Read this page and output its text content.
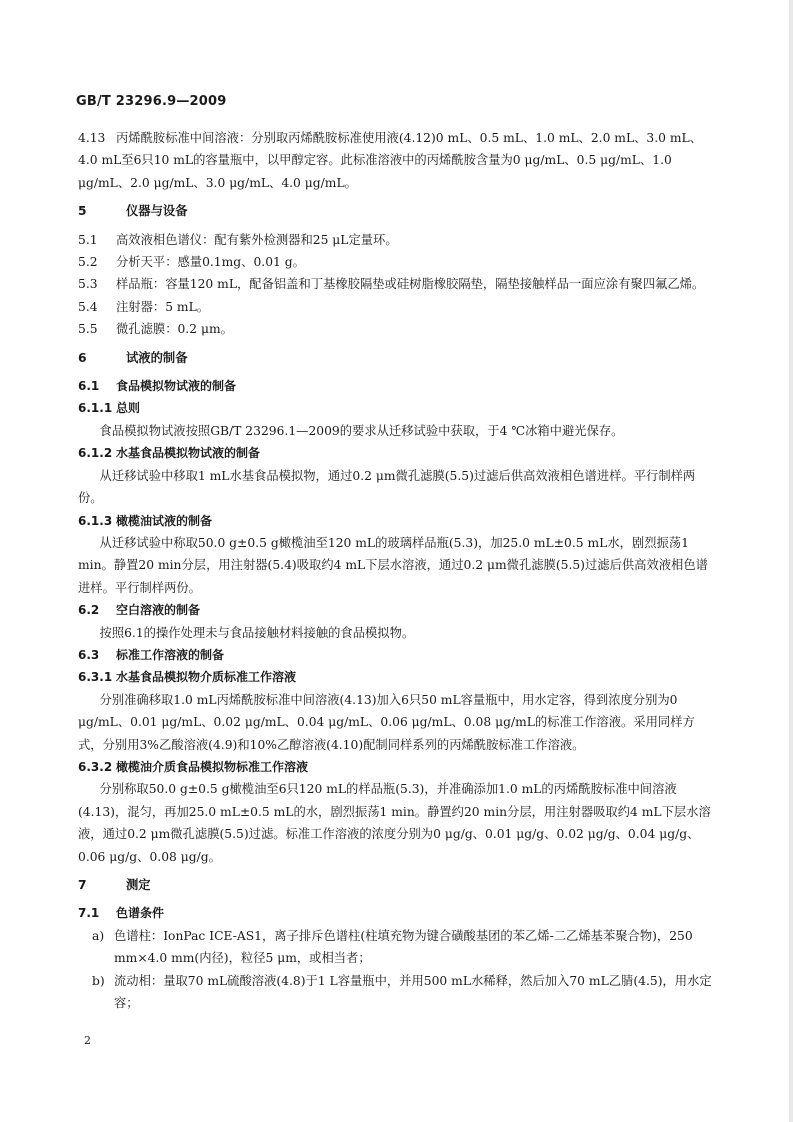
GB/T 23296.9—2009

4.13 丙烯酰胺标准中间溶液：分别取丙烯酰胺标准使用液(4.12)0 mL、0.5 mL、1.0 mL、2.0 mL、3.0 mL、4.0 mL至6只10 mL的容量瓶中，以甲醇定容。此标准溶液中的丙烯酰胺含量为0 μg/mL、0.5 μg/mL、1.0 μg/mL、2.0 μg/mL、3.0 μg/mL、4.0 μg/mL。

5	仪器与设备

5.1 高效液相色谱仪：配有紫外检测器和25 μL定量环。

5.2 分析天平：感量0.1mg、0.01 g。

5.3 样品瓶：容量120 mL，配备铝盖和丁基橡胶隔垫或硅树脂橡胶隔垫，隔垫接触样品一面应涂有聚四氟乙烯。

5.4 注射器：5 mL。

5.5 微孔滤膜：0.2 μm。

6	试液的制备

6.1 食品模拟物试液的制备

6.1.1 总则

食品模拟物试液按照GB/T 23296.1—2009的要求从迁移试验中获取，于4 ℃冰箱中避光保存。

6.1.2 水基食品模拟物试液的制备

从迁移试验中移取1 mL水基食品模拟物，通过0.2 μm微孔滤膜(5.5)过滤后供高效液相色谱进样。平行制样两份。

6.1.3 橄榄油试液的制备

从迁移试验中称取50.0 g±0.5 g橄榄油至120 mL的玻璃样品瓶(5.3)，加25.0 mL±0.5 mL水，剧烈振荡1 min。静置20 min分层，用注射器(5.4)吸取约4 mL下层水溶液，通过0.2 μm微孔滤膜(5.5)过滤后供高效液相色谱进样。平行制样两份。

6.2 空白溶液的制备

按照6.1的操作处理未与食品接触材料接触的食品模拟物。

6.3 标准工作溶液的制备

6.3.1 水基食品模拟物介质标准工作溶液

分别准确移取1.0 mL丙烯酰胺标准中间溶液(4.13)加入6只50 mL容量瓶中，用水定容，得到浓度分别为0 μg/mL、0.01 μg/mL、0.02 μg/mL、0.04 μg/mL、0.06 μg/mL、0.08 μg/mL的标准工作溶液。采用同样方式，分别用3%乙酸溶液(4.9)和10%乙醇溶液(4.10)配制同样系列的丙烯酰胺标准工作溶液。

6.3.2 橄榄油介质食品模拟物标准工作溶液

分别称取50.0 g±0.5 g橄榄油至6只120 mL的样品瓶(5.3)，并准确添加1.0 mL的丙烯酰胺标准中间溶液(4.13)，混匀，再加25.0 mL±0.5 mL的水，剧烈振荡1 min。静置约20 min分层，用注射器吸取约4 mL下层水溶液，通过0.2 μm微孔滤膜(5.5)过滤。标准工作溶液的浓度分别为0 μg/g、0.01 μg/g、0.02 μg/g、0.04 μg/g、0.06 μg/g、0.08 μg/g。

7	测定

7.1 色谱条件

a) 色谱柱：IonPac ICE-AS1，离子排斥色谱柱(柱填充物为键合磺酸基团的苯乙烯-二乙烯基苯聚合物)，250 mm×4.0 mm(内径)，粒径5 μm，或相当者；

b) 流动相：量取70 mL硫酸溶液(4.8)于1 L容量瓶中，并用500 mL水稀释，然后加入70 mL乙腈(4.5)，用水定容；

2
